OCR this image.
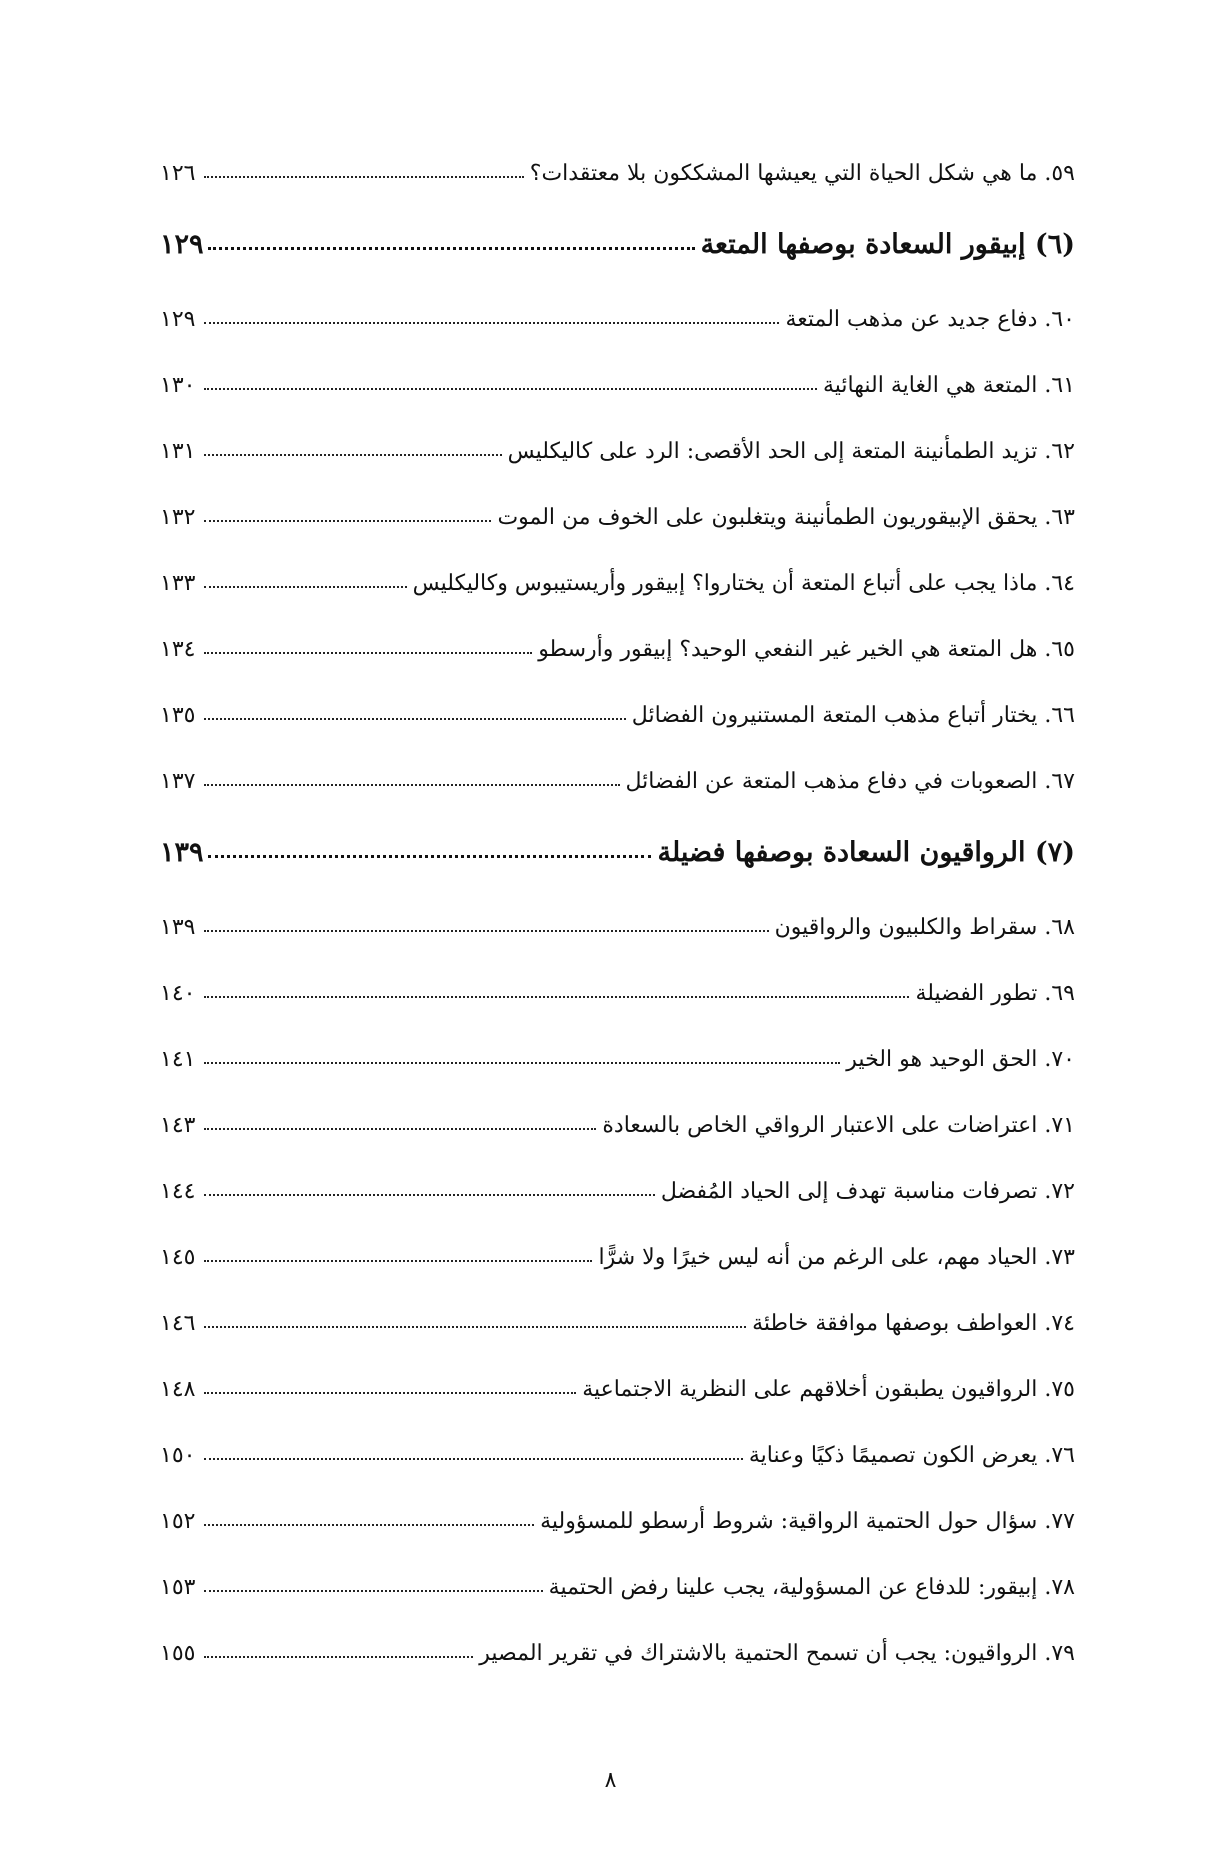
٥٩. ما هي شكل الحياة التي يعيشها المشككون بلا معتقدات؟
١٢٦
(٦) إبيقور السعادة بوصفها المتعة
١٢٩
٦٠. دفاع جديد عن مذهب المتعة
١٢٩
٦١. المتعة هي الغاية النهائية
١٣٠
٦٢. تزيد الطمأنينة المتعة إلى الحد الأقصى: الرد على كاليكليس
١٣١
٦٣. يحقق الإبيقوريون الطمأنينة ويتغلبون على الخوف من الموت
١٣٢
٦٤. ماذا يجب على أتباع المتعة أن يختاروا؟ إبيقور وأريستيبوس وكاليكليس
١٣٣
٦٥. هل المتعة هي الخير غير النفعي الوحيد؟ إبيقور وأرسطو
١٣٤
٦٦. يختار أتباع مذهب المتعة المستنيرون الفضائل
١٣٥
٦٧. الصعوبات في دفاع مذهب المتعة عن الفضائل
١٣٧
(٧) الرواقيون السعادة بوصفها فضيلة
١٣٩
٦٨. سقراط والكلبيون والرواقيون
١٣٩
٦٩. تطور الفضيلة
١٤٠
٧٠. الحق الوحيد هو الخير
١٤١
٧١. اعتراضات على الاعتبار الرواقي الخاص بالسعادة
١٤٣
٧٢. تصرفات مناسبة تهدف إلى الحياد المُفضل
١٤٤
٧٣. الحياد مهم، على الرغم من أنه ليس خيرًا ولا شرًّا
١٤٥
٧٤. العواطف بوصفها موافقة خاطئة
١٤٦
٧٥. الرواقيون يطبقون أخلاقهم على النظرية الاجتماعية
١٤٨
٧٦. يعرض الكون تصميمًا ذكيًا وعناية
١٥٠
٧٧. سؤال حول الحتمية الرواقية: شروط أرسطو للمسؤولية
١٥٢
٧٨. إبيقور: للدفاع عن المسؤولية، يجب علينا رفض الحتمية
١٥٣
٧٩. الرواقيون: يجب أن تسمح الحتمية بالاشتراك في تقرير المصير
١٥٥
٨
